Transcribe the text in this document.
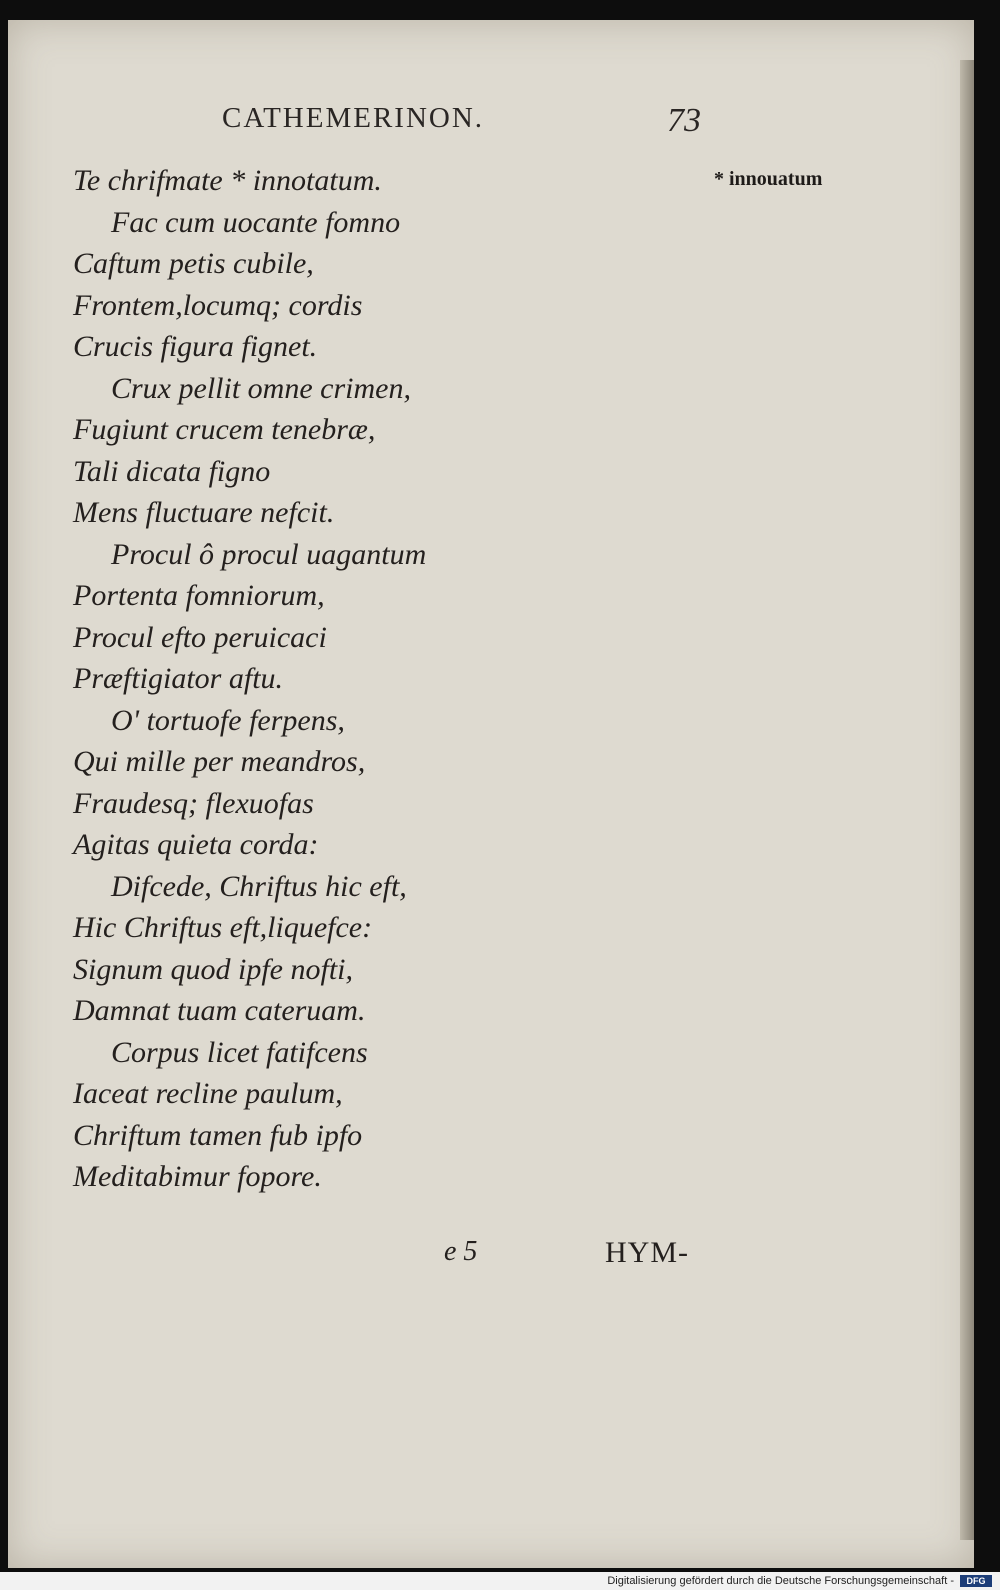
CATHEMERINON.	73
* innouatum
Te chrifmate * innotatum.
Fac cum uocante fomno
Caftum petis cubile,
Frontem,locumq; cordis
Crucis figura fignet.
Crux pellit omne crimen,
Fugiunt crucem tenebræ,
Tali dicata figno
Mens fluctuare nefcit.
Procul ô procul uagantum
Portenta fomniorum,
Procul efto peruicaci
Præftigiator aftu.
O' tortuofe ferpens,
Qui mille per meandros,
Fraudesq; flexuofas
Agitas quieta corda:
Difcede, Chriftus hic eft,
Hic Chriftus eft,liquefce:
Signum quod ipfe nofti,
Damnat tuam cateruam.
Corpus licet fatifcens
Iaceat recline paulum,
Chriftum tamen fub ipfo
Meditabimur fopore.
e 5	HYM-
Digitalisierung gefördert durch die Deutsche Forschungsgemeinschaft -	DFG
